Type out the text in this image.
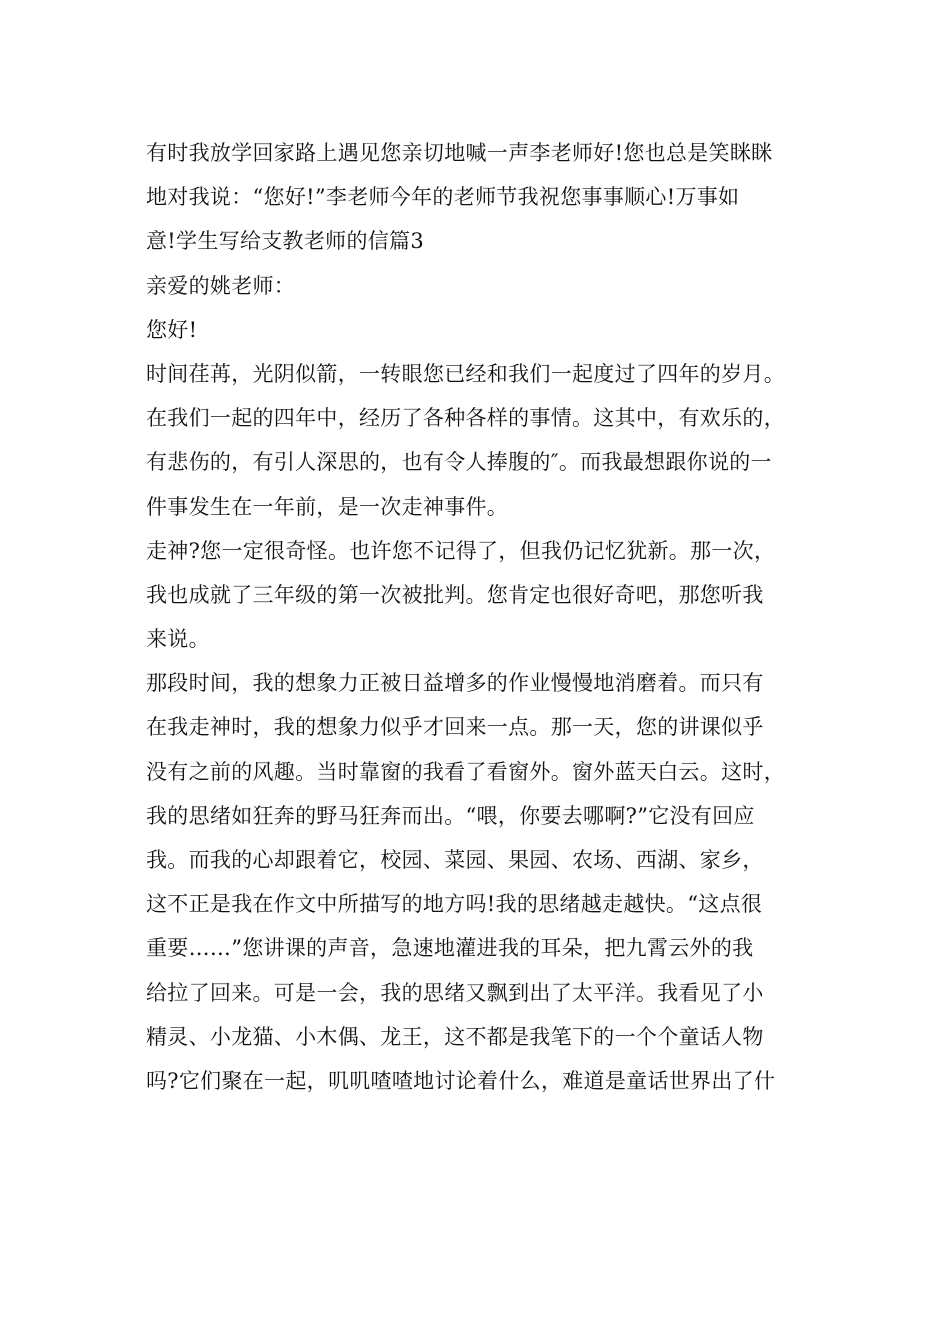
有时我放学回家路上遇见您亲切地喊一声李老师好!您也总是笑眯眯
地对我说：“您好!”李老师今年的老师节我祝您事事顺心!万事如
意!学生写给支教老师的信篇3
亲爱的姚老师：
您好!
时间荏苒，光阴似箭，一转眼您已经和我们一起度过了四年的岁月。
在我们一起的四年中，经历了各种各样的事情。这其中，有欢乐的，
有悲伤的，有引人深思的，也有令人捧腹的″。而我最想跟你说的一
件事发生在一年前，是一次走神事件。
走神?您一定很奇怪。也许您不记得了，但我仍记忆犹新。那一次，
我也成就了三年级的第一次被批判。您肯定也很好奇吧，那您听我
来说。
那段时间，我的想象力正被日益增多的作业慢慢地消磨着。而只有
在我走神时，我的想象力似乎才回来一点。那一天，您的讲课似乎
没有之前的风趣。当时靠窗的我看了看窗外。窗外蓝天白云。这时，
我的思绪如狂奔的野马狂奔而出。“喂，你要去哪啊?”它没有回应
我。而我的心却跟着它，校园、菜园、果园、农场、西湖、家乡，
这不正是我在作文中所描写的地方吗!我的思绪越走越快。“这点很
重要……”您讲课的声音，急速地灌进我的耳朵，把九霄云外的我
给拉了回来。可是一会，我的思绪又飘到出了太平洋。我看见了小
精灵、小龙猫、小木偶、龙王，这不都是我笔下的一个个童话人物
吗?它们聚在一起，叽叽喳喳地讨论着什么，难道是童话世界出了什
